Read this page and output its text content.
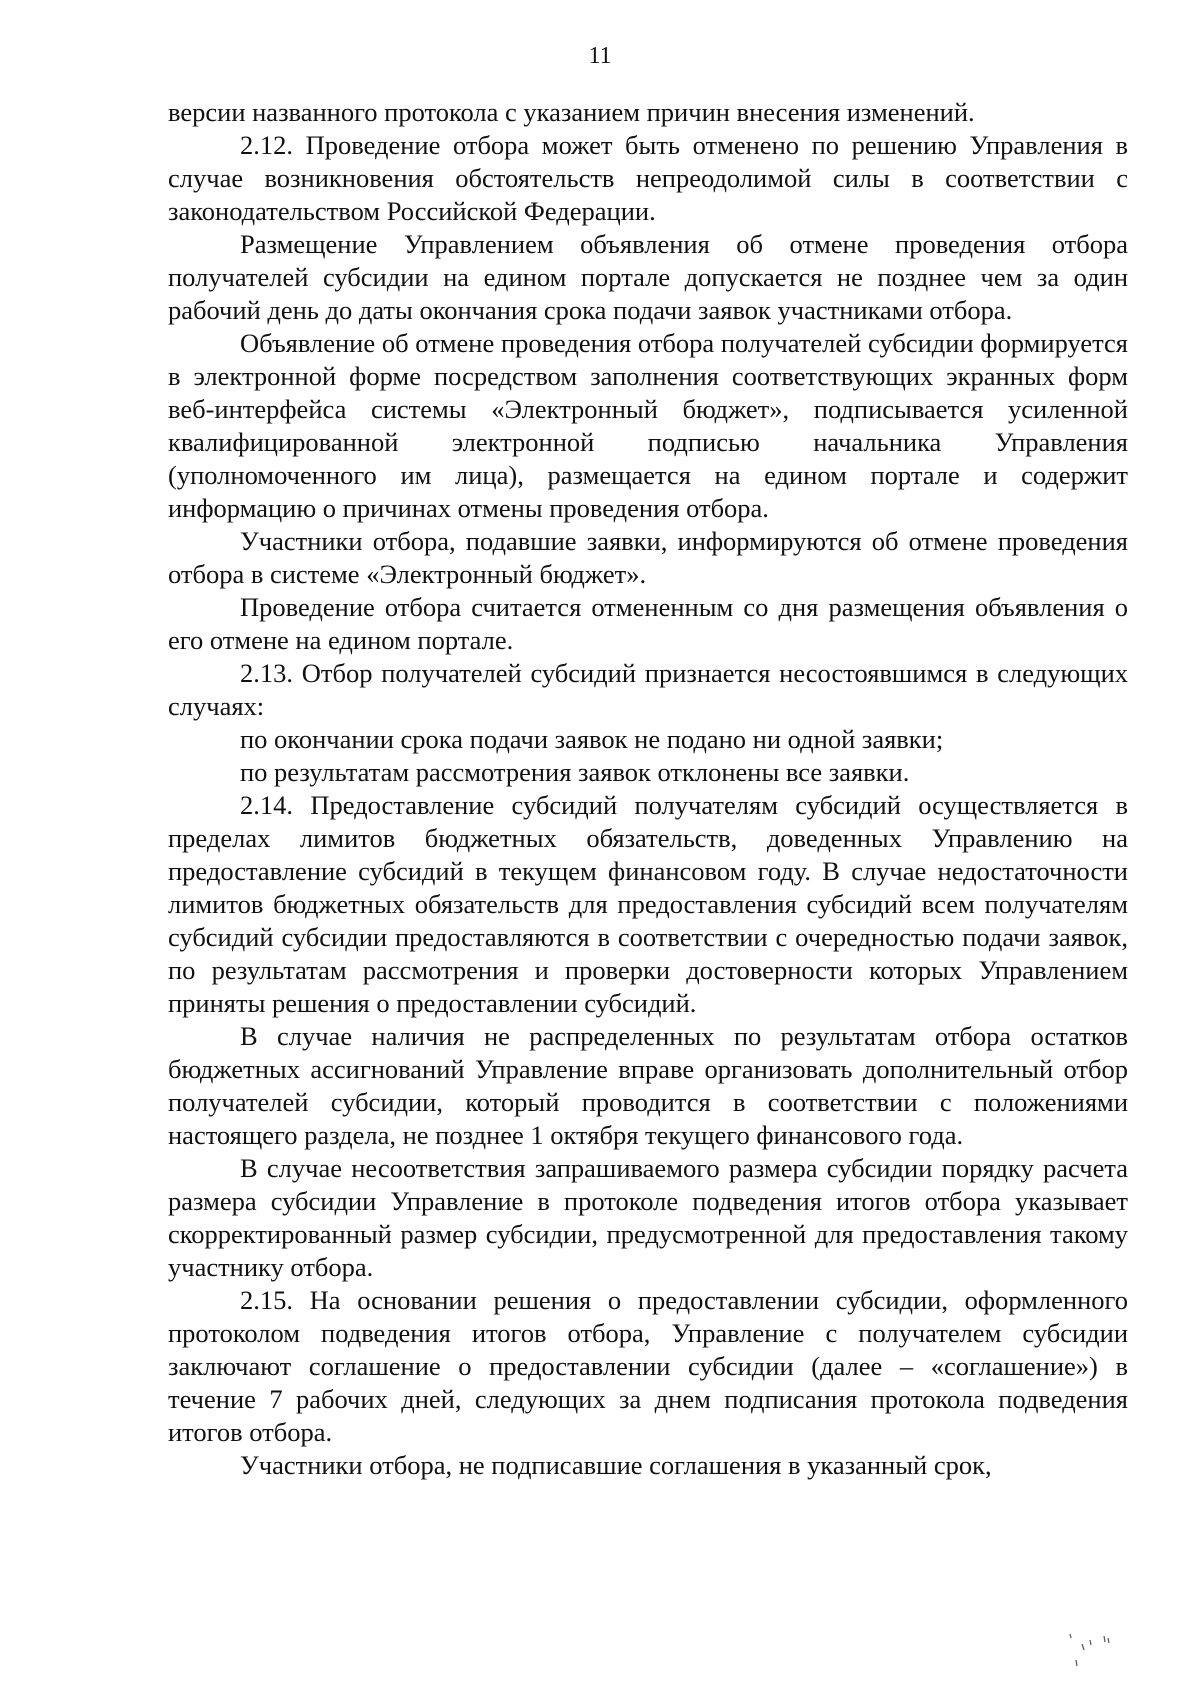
11

версии названного протокола с указанием причин внесения изменений.

2.12. Проведение отбора может быть отменено по решению Управления в случае возникновения обстоятельств непреодолимой силы в соответствии с законодательством Российской Федерации.

Размещение Управлением объявления об отмене проведения отбора получателей субсидии на едином портале допускается не позднее чем за один рабочий день до даты окончания срока подачи заявок участниками отбора.

Объявление об отмене проведения отбора получателей субсидии формируется в электронной форме посредством заполнения соответствующих экранных форм веб-интерфейса системы «Электронный бюджет», подписывается усиленной квалифицированной электронной подписью начальника Управления (уполномоченного им лица), размещается на едином портале и содержит информацию о причинах отмены проведения отбора.

Участники отбора, подавшие заявки, информируются об отмене проведения отбора в системе «Электронный бюджет».

Проведение отбора считается отмененным со дня размещения объявления о его отмене на едином портале.

2.13. Отбор получателей субсидий признается несостоявшимся в следующих случаях:

по окончании срока подачи заявок не подано ни одной заявки;

по результатам рассмотрения заявок отклонены все заявки.

2.14. Предоставление субсидий получателям субсидий осуществляется в пределах лимитов бюджетных обязательств, доведенных Управлению на предоставление субсидий в текущем финансовом году. В случае недостаточности лимитов бюджетных обязательств для предоставления субсидий всем получателям субсидий субсидии предоставляются в соответствии с очередностью подачи заявок, по результатам рассмотрения и проверки достоверности которых Управлением приняты решения о предоставлении субсидий.

В случае наличия не распределенных по результатам отбора остатков бюджетных ассигнований Управление вправе организовать дополнительный отбор получателей субсидии, который проводится в соответствии с положениями настоящего раздела, не позднее 1 октября текущего финансового года.

В случае несоответствия запрашиваемого размера субсидии порядку расчета размера субсидии Управление в протоколе подведения итогов отбора указывает скорректированный размер субсидии, предусмотренной для предоставления такому участнику отбора.

2.15. На основании решения о предоставлении субсидии, оформленного протоколом подведения итогов отбора, Управление с получателем субсидии заключают соглашение о предоставлении субсидии (далее – «соглашение») в течение 7 рабочих дней, следующих за днем подписания протокола подведения итогов отбора.

Участники отбора, не подписавшие соглашения в указанный срок,
